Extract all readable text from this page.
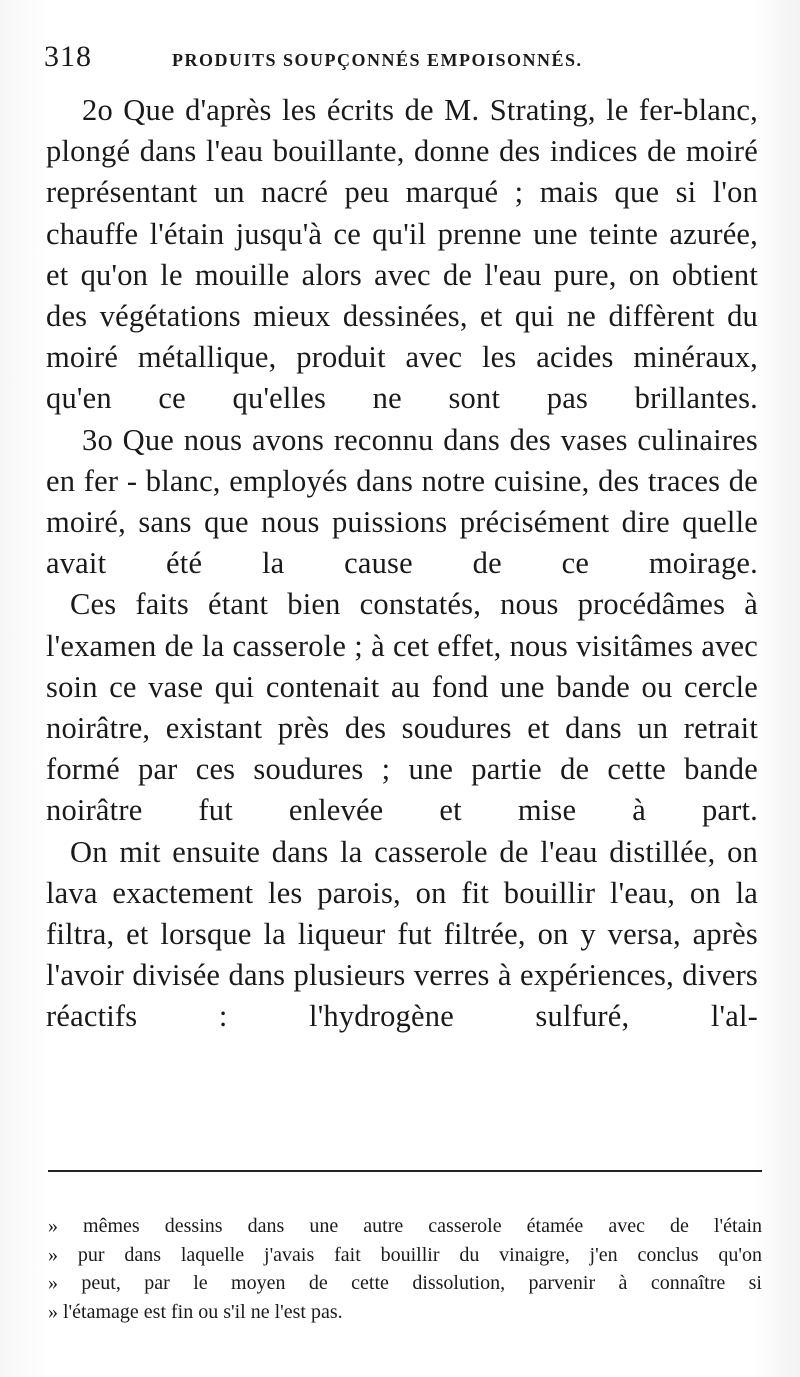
318	PRODUITS SOUPÇONNÉS EMPOISONNÉS.

2o Que d'après les écrits de M. Strating, le fer-blanc, plongé dans l'eau bouillante, donne des indices de moiré représentant un nacré peu marqué ; mais que si l'on chauffe l'étain jusqu'à ce qu'il prenne une teinte azurée, et qu'on le mouille alors avec de l'eau pure, on obtient des végétations mieux dessinées, et qui ne diffèrent du moiré métallique, produit avec les acides minéraux, qu'en ce qu'elles ne sont pas brillantes.

3o Que nous avons reconnu dans des vases culinaires en fer - blanc, employés dans notre cuisine, des traces de moiré, sans que nous puissions précisément dire quelle avait été la cause de ce moirage.

Ces faits étant bien constatés, nous procédâmes à l'examen de la casserole ; à cet effet, nous visitâmes avec soin ce vase qui contenait au fond une bande ou cercle noirâtre, existant près des soudures et dans un retrait formé par ces soudures ; une partie de cette bande noirâtre fut enlevée et mise à part.

On mit ensuite dans la casserole de l'eau distillée, on lava exactement les parois, on fit bouillir l'eau, on la filtra, et lorsque la liqueur fut filtrée, on y versa, après l'avoir divisée dans plusieurs verres à expériences, divers réactifs : l'hydrogène sulfuré, l'al-

» mêmes dessins dans une autre casserole étamée avec de l'étain
» pur dans laquelle j'avais fait bouillir du vinaigre, j'en conclus qu'on
» peut, par le moyen de cette dissolution, parvenir à connaître si
» l'étamage est fin ou s'il ne l'est pas.
